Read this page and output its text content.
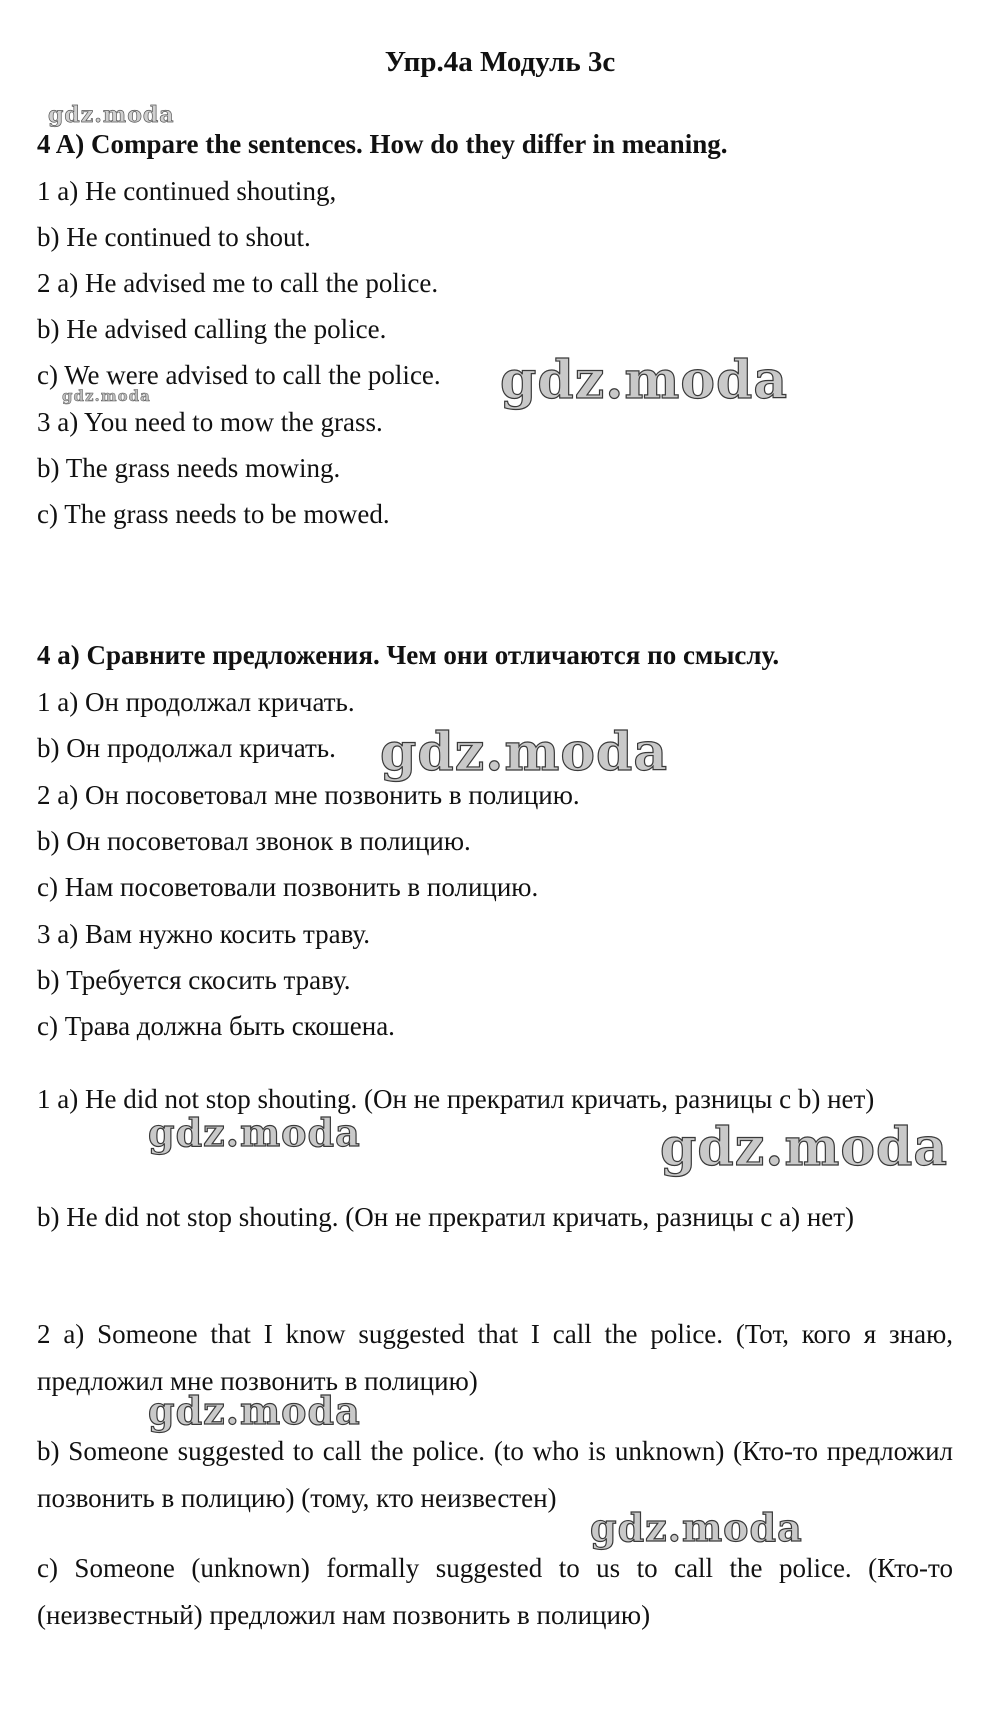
Упр.4а Модуль 3с
4 A) Compare the sentences. How do they differ in meaning.
1 a) He continued shouting,
b) He continued to shout.
2 a) He advised me to call the police.
b) He advised calling the police.
c) We were advised to call the police.
3 a) You need to mow the grass.
b) The grass needs mowing.
c) The grass needs to be mowed.
4 а) Сравните предложения. Чем они отличаются по смыслу.
1 a) Он продолжал кричать.
b) Он продолжал кричать.
2 a) Он посоветовал мне позвонить в полицию.
b) Он посоветовал звонок в полицию.
c) Нам посоветовали позвонить в полицию.
3 a) Вам нужно косить траву.
b) Требуется скосить траву.
c) Трава должна быть скошена.
1 a) He did not stop shouting. (Он не прекратил кричать, разницы с b) нет)
b) He did not stop shouting. (Он не прекратил кричать, разницы с а) нет)
2 a) Someone that I know suggested that I call the police. (Тот, кого я знаю, предложил мне позвонить в полицию)
b) Someone suggested to call the police. (to who is unknown) (Кто-то предложил позвонить в полицию) (тому, кто неизвестен)
c) Someone (unknown) formally suggested to us to call the police. (Кто-то (неизвестный) предложил нам позвонить в полицию)
gdz.moda
gdz.moda
gdz.moda
gdz.moda
gdz.moda	gdz.moda
gdz.moda
gdz.moda
